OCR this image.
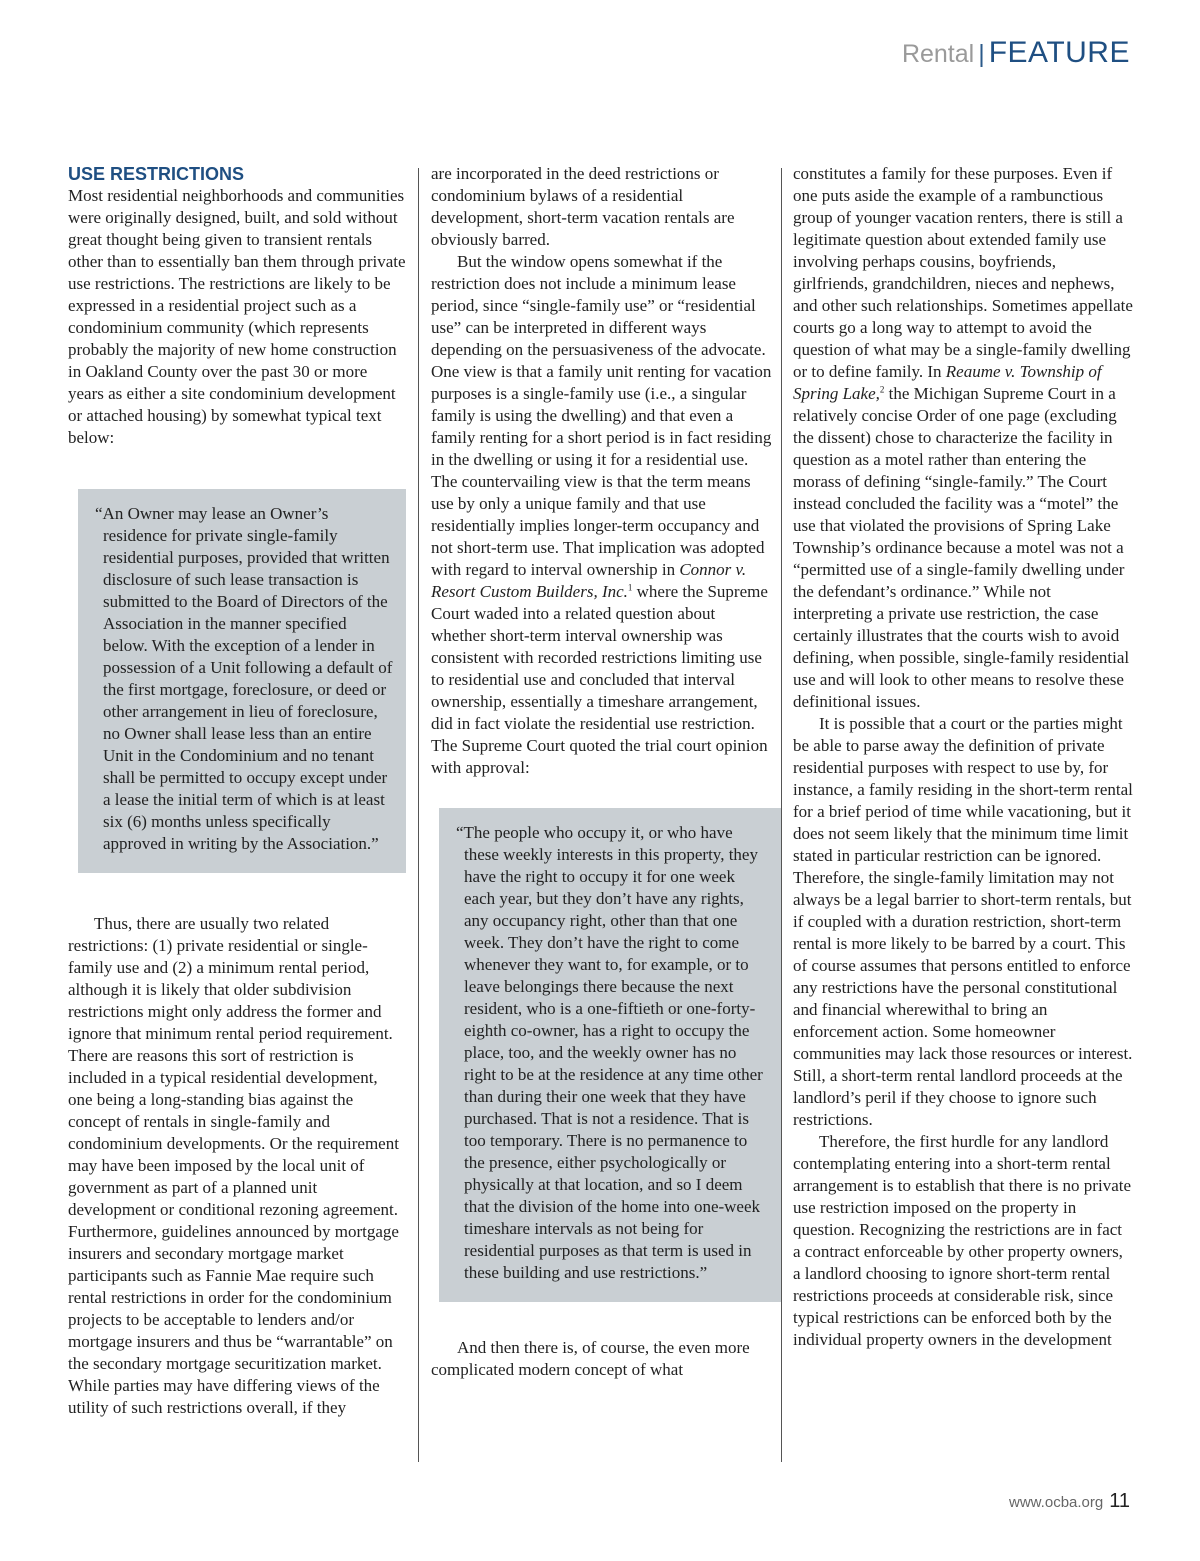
Rental | FEATURE
USE RESTRICTIONS

Most residential neighborhoods and communities were originally designed, built, and sold without great thought being given to transient rentals other than to essentially ban them through private use restrictions. The restrictions are likely to be expressed in a residential project such as a condominium community (which represents probably the majority of new home construction in Oakland County over the past 30 or more years as either a site condominium development or attached housing) by somewhat typical text below:

“An Owner may lease an Owner’s residence for private single-family residential purposes, provided that written disclosure of such lease transaction is submitted to the Board of Directors of the Association in the manner specified below. With the exception of a lender in possession of a Unit following a default of the first mortgage, foreclosure, or deed or other arrangement in lieu of foreclosure, no Owner shall lease less than an entire Unit in the Condominium and no tenant shall be permitted to occupy except under a lease the initial term of which is at least six (6) months unless specifically approved in writing by the Association.”

Thus, there are usually two related restrictions: (1) private residential or single-family use and (2) a minimum rental period, although it is likely that older subdivision restrictions might only address the former and ignore that minimum rental period requirement. There are reasons this sort of restriction is included in a typical residential development, one being a long-standing bias against the concept of rentals in single-family and condominium developments. Or the requirement may have been imposed by the local unit of government as part of a planned unit development or conditional rezoning agreement. Furthermore, guidelines announced by mortgage insurers and secondary mortgage market participants such as Fannie Mae require such rental restrictions in order for the condominium projects to be acceptable to lenders and/or mortgage insurers and thus be “warrantable” on the secondary mortgage securitization market. While parties may have differing views of the utility of such restrictions overall, if they

are incorporated in the deed restrictions or condominium bylaws of a residential development, short-term vacation rentals are obviously barred.

But the window opens somewhat if the restriction does not include a minimum lease period, since “single-family use” or “residential use” can be interpreted in different ways depending on the persuasiveness of the advocate. One view is that a family unit renting for vacation purposes is a single-family use (i.e., a singular family is using the dwelling) and that even a family renting for a short period is in fact residing in the dwelling or using it for a residential use. The countervailing view is that the term means use by only a unique family and that use residentially implies longer-term occupancy and not short-term use. That implication was adopted with regard to interval ownership in Connor v. Resort Custom Builders, Inc.$^1$ where the Supreme Court waded into a related question about whether short-term interval ownership was consistent with recorded restrictions limiting use to residential use and concluded that interval ownership, essentially a timeshare arrangement, did in fact violate the residential use restriction. The Supreme Court quoted the trial court opinion with approval:

“The people who occupy it, or who have these weekly interests in this property, they have the right to occupy it for one week each year, but they don’t have any rights, any occupancy right, other than that one week. They don’t have the right to come whenever they want to, for example, or to leave belongings there because the next resident, who is a one-fiftieth or one-forty-eighth co-owner, has a right to occupy the place, too, and the weekly owner has no right to be at the residence at any time other than during their one week that they have purchased. That is not a residence. That is too temporary. There is no permanence to the presence, either psychologically or physically at that location, and so I deem that the division of the home into one-week timeshare intervals as not being for residential purposes as that term is used in these building and use restrictions.”

And then there is, of course, the even more complicated modern concept of what

constitutes a family for these purposes. Even if one puts aside the example of a rambunctious group of younger vacation renters, there is still a legitimate question about extended family use involving perhaps cousins, boyfriends, girlfriends, grandchildren, nieces and nephews, and other such relationships. Sometimes appellate courts go a long way to attempt to avoid the question of what may be a single-family dwelling or to define family. In Reaume v. Township of Spring Lake,$^2$ the Michigan Supreme Court in a relatively concise Order of one page (excluding the dissent) chose to characterize the facility in question as a motel rather than entering the morass of defining “single-family.” The Court instead concluded the facility was a “motel” the use that violated the provisions of Spring Lake Township’s ordinance because a motel was not a “permitted use of a single-family dwelling under the defendant’s ordinance.” While not interpreting a private use restriction, the case certainly illustrates that the courts wish to avoid defining, when possible, single-family residential use and will look to other means to resolve these definitional issues.

It is possible that a court or the parties might be able to parse away the definition of private residential purposes with respect to use by, for instance, a family residing in the short-term rental for a brief period of time while vacationing, but it does not seem likely that the minimum time limit stated in particular restriction can be ignored. Therefore, the single-family limitation may not always be a legal barrier to short-term rentals, but if coupled with a duration restriction, short-term rental is more likely to be barred by a court. This of course assumes that persons entitled to enforce any restrictions have the personal constitutional and financial wherewithal to bring an enforcement action. Some homeowner communities may lack those resources or interest. Still, a short-term rental landlord proceeds at the landlord’s peril if they choose to ignore such restrictions.

Therefore, the first hurdle for any landlord contemplating entering into a short-term rental arrangement is to establish that there is no private use restriction imposed on the property in question. Recognizing the restrictions are in fact a contract enforceable by other property owners, a landlord choosing to ignore short-term rental restrictions proceeds at considerable risk, since typical restrictions can be enforced both by the individual property owners in the development

www.ocba.org 11
